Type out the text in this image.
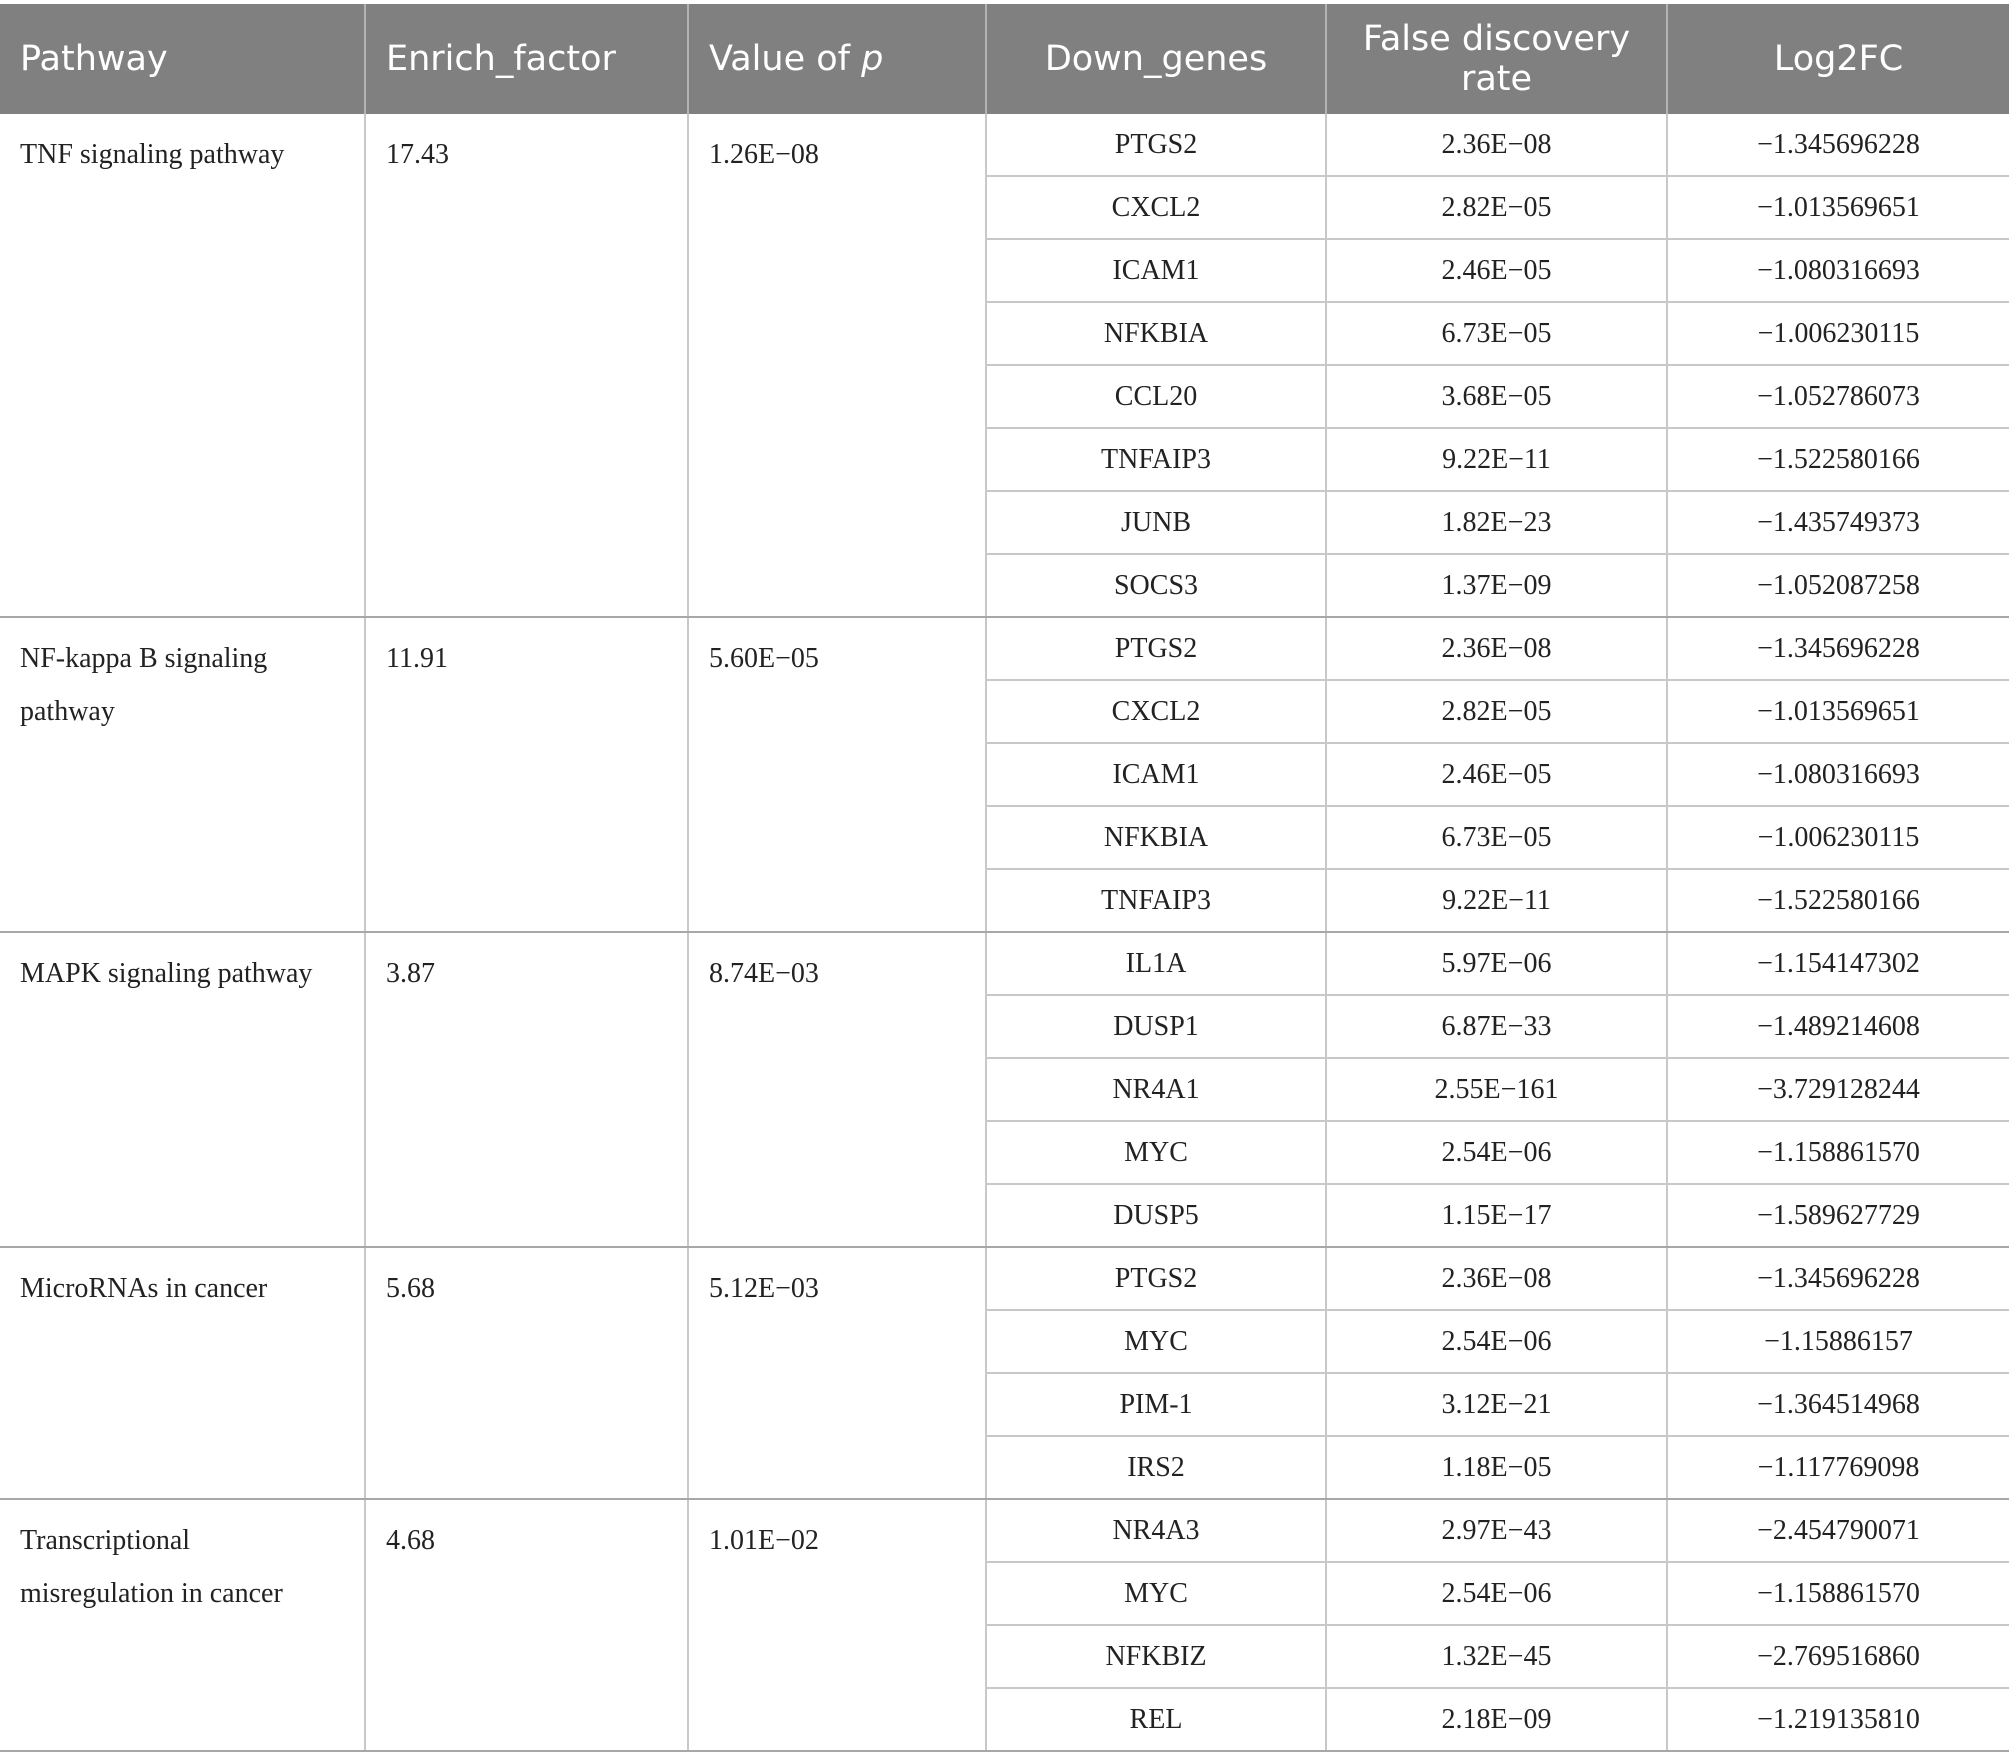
Pathway	Enrich_factor	Value of p	Down_genes	False discovery rate	Log2FC
TNF signaling pathway	17.43	1.26E−08	PTGS2	2.36E−08	−1.345696228
			CXCL2	2.82E−05	−1.013569651
			ICAM1	2.46E−05	−1.080316693
			NFKBIA	6.73E−05	−1.006230115
			CCL20	3.68E−05	−1.052786073
			TNFAIP3	9.22E−11	−1.522580166
			JUNB	1.82E−23	−1.435749373
			SOCS3	1.37E−09	−1.052087258
NF-kappa B signaling pathway	11.91	5.60E−05	PTGS2	2.36E−08	−1.345696228
			CXCL2	2.82E−05	−1.013569651
			ICAM1	2.46E−05	−1.080316693
			NFKBIA	6.73E−05	−1.006230115
			TNFAIP3	9.22E−11	−1.522580166
MAPK signaling pathway	3.87	8.74E−03	IL1A	5.97E−06	−1.154147302
			DUSP1	6.87E−33	−1.489214608
			NR4A1	2.55E−161	−3.729128244
			MYC	2.54E−06	−1.158861570
			DUSP5	1.15E−17	−1.589627729
MicroRNAs in cancer	5.68	5.12E−03	PTGS2	2.36E−08	−1.345696228
			MYC	2.54E−06	−1.15886157
			PIM-1	3.12E−21	−1.364514968
			IRS2	1.18E−05	−1.117769098
Transcriptional misregulation in cancer	4.68	1.01E−02	NR4A3	2.97E−43	−2.454790071
			MYC	2.54E−06	−1.158861570
			NFKBIZ	1.32E−45	−2.769516860
			REL	2.18E−09	−1.219135810
